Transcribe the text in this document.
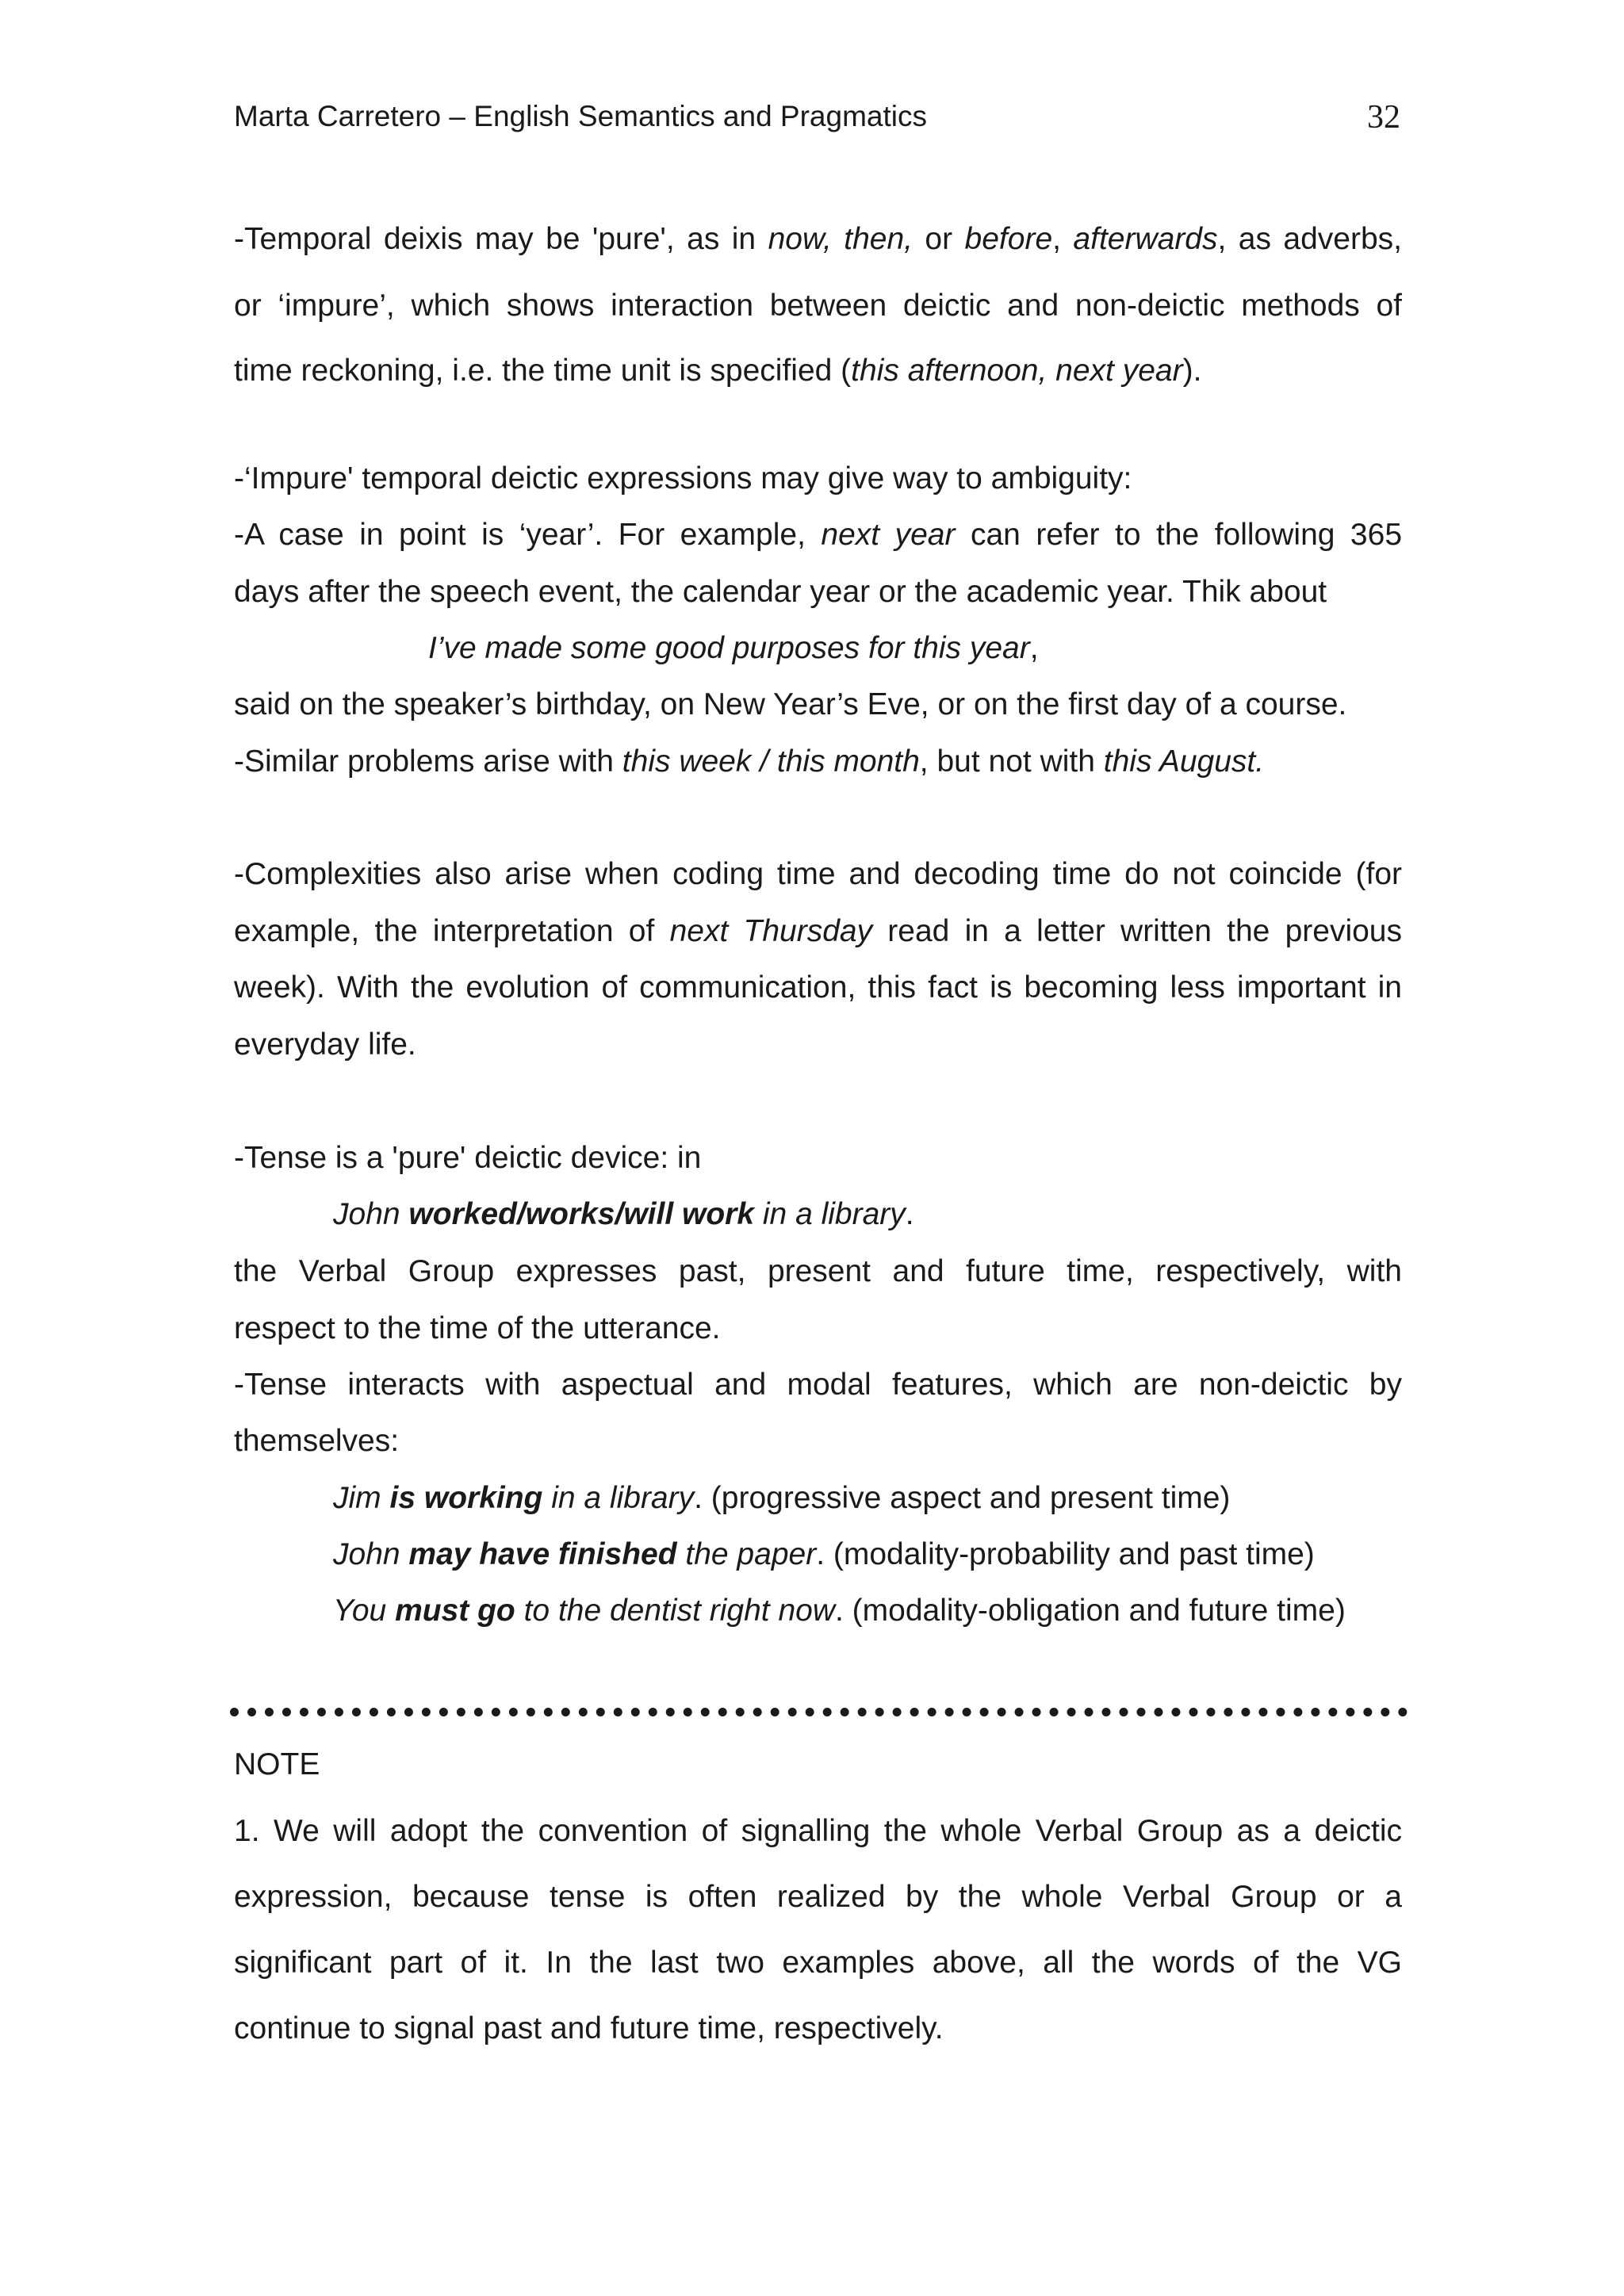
Marta Carretero – English Semantics and Pragmatics	32
-Temporal deixis may be 'pure', as in now, then, or before, afterwards, as adverbs,
or ‘impure’, which shows interaction between deictic and non-deictic methods of
time reckoning, i.e. the time unit is specified (this afternoon, next year).
-‘Impure' temporal deictic expressions may give way to ambiguity:
-A case in point is ‘year’. For example, next year can refer to the following 365
days after the speech event, the calendar year or the academic year. Thik about
I’ve made some good purposes for this year,
said on the speaker’s birthday, on New Year’s Eve, or on the first day of a course.
-Similar problems arise with this week / this month, but not with this August.
-Complexities also arise when coding time and decoding time do not coincide (for
example, the interpretation of next Thursday read in a letter written the previous
week). With the evolution of communication, this fact is becoming less important in
everyday life.
-Tense is a 'pure' deictic device: in
John worked/works/will work in a library.
the Verbal Group expresses past, present and future time, respectively, with
respect to the time of the utterance.
-Tense interacts with aspectual and modal features, which are non-deictic by
themselves:
Jim is working in a library. (progressive aspect and present time)
John may have finished the paper. (modality-probability and past time)
You must go to the dentist right now. (modality-obligation and future time)
NOTE
1. We will adopt the convention of signalling the whole Verbal Group as a deictic
expression, because tense is often realized by the whole Verbal Group or a
significant part of it. In the last two examples above, all the words of the VG
continue to signal past and future time, respectively.
